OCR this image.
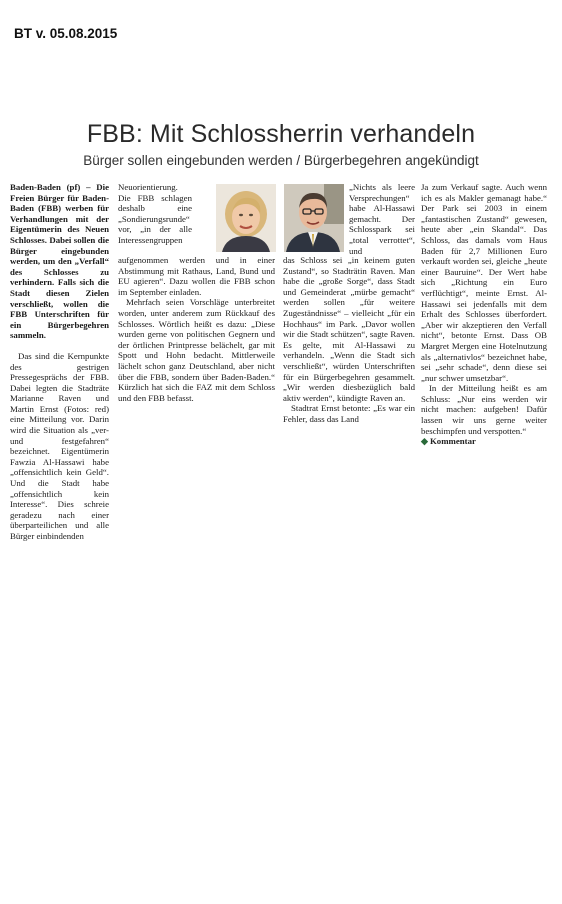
BT v. 05.08.2015
FBB: Mit Schlossherrin verhandeln
Bürger sollen eingebunden werden / Bürgerbegehren angekündigt

Baden-Baden (pf) – Die Freien Bürger für Baden-Baden (FBB) werben für Verhandlungen mit der Eigentümerin des Neuen Schlosses. Dabei sollen die Bürger eingebunden werden, um den „Verfall“ des Schlosses zu verhindern. Falls sich die Stadt diesen Zielen verschließt, wollen die FBB Unterschriften für ein Bürgerbegehren sammeln.

Das sind die Kernpunkte des gestrigen Pressegesprächs der FBB. Dabei legten die Stadträte Marianne Raven und Martin Ernst (Fotos: red) eine Mitteilung vor. Darin wird die Situation als „ver- und festgefahren“ bezeichnet. Eigentümerin Fawzia Al-Hassawi habe „offensichtlich kein Geld“. Und die Stadt habe „offensichtlich kein Interesse“. Dies schreie geradezu nach einer überparteilichen und alle Bürger einbindenden

Neuorientierung. Die FBB schlagen deshalb eine „Sondierungsrunde“ vor, „in der alle Interessengruppen

aufgenommen werden und in einer Abstimmung mit Rathaus, Land, Bund und EU agieren“. Dazu wollen die FBB schon im September einladen.

Mehrfach seien Vorschläge unterbreitet worden, unter anderem zum Rückkauf des Schlosses. Wörtlich heißt es dazu: „Diese wurden gerne von politischen Gegnern und der örtlichen Printpresse belächelt, gar mit Spott und Hohn bedacht. Mittlerweile lächelt schon ganz Deutschland, aber nicht über die FBB, sondern über Baden-Baden.“ Kürzlich hat sich die FAZ mit dem Schloss und den FBB befasst.

„Nichts als leere Versprechungen“ habe Al-Hassawi gemacht. Der Schlosspark sei „total verrottet“, und

das Schloss sei „in keinem guten Zustand“, so Stadträtin Raven. Man habe die „große Sorge“, dass Stadt und Gemeinderat „mürbe gemacht“ werden sollen „für weitere Zugeständnisse“ – vielleicht „für ein Hochhaus“ im Park. „Davor wollen wir die Stadt schützen“, sagte Raven. Es gelte, mit Al-Hassawi zu verhandeln. „Wenn die Stadt sich verschließt“, würden Unterschriften für ein Bürgerbegehren gesammelt. „Wir werden diesbezüglich bald aktiv werden“, kündigte Raven an.

Stadtrat Ernst betonte: „Es war ein Fehler, dass das Land

Ja zum Verkauf sagte. Auch wenn ich es als Makler gemanagt habe.“ Der Park sei 2003 in einem „fantastischen Zustand“ gewesen, heute aber „ein Skandal“. Das Schloss, das damals vom Haus Baden für 2,7 Millionen Euro verkauft worden sei, gleiche „heute einer Bauruine“. Der Wert habe sich „Richtung ein Euro verflüchtigt“, meinte Ernst. Al-Hassawi sei jedenfalls mit dem Erhalt des Schlosses überfordert. „Aber wir akzeptieren den Verfall nicht“, betonte Ernst. Dass OB Margret Mergen eine Hotelnutzung als „alternativlos“ bezeichnet habe, sei „sehr schade“, denn diese sei „nur schwer umsetzbar“.

In der Mitteilung heißt es am Schluss: „Nur eins werden wir nicht machen: aufgeben! Dafür lassen wir uns gerne weiter beschimpfen und verspotten.“

◆ Kommentar
